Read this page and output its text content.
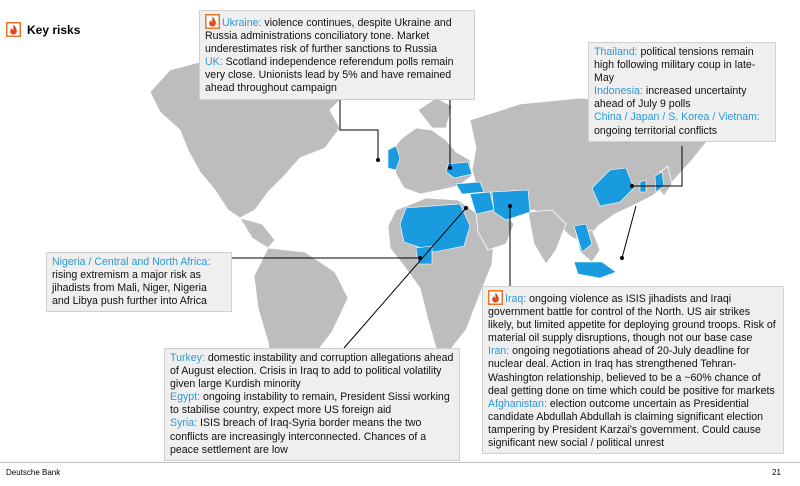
Key risks	Ukraine: violence continues, despite Ukraine and Russia administrations conciliatory tone. Market underestimates risk of further sanctions to Russia
UK: Scotland independence referendum polls remain very close. Unionists lead by 5% and have remained ahead throughout campaign
Thailand: political tensions remain high following military coup in late-May
Indonesia: increased uncertainty ahead of July 9 polls
China / Japan / S. Korea / Vietnam:
ongoing territorial conflicts
Nigeria / Central and North Africa:
rising extremism a major risk as jihadists from Mali, Niger, Nigeria and Libya push further into Africa	Iraq: ongoing violence as ISIS jihadists and Iraqi government battle for control of the North. US air strikes likely, but limited appetite for deploying ground troops. Risk of material oil supply disruptions, though not our base case
Iran: ongoing negotiations ahead of 20-July deadline for nuclear deal. Action in Iraq has strengthened Tehran-Washington relationship, believed to be a ~60% chance of deal getting done on time which could be positive for markets
Afghanistan: election outcome uncertain as Presidential candidate Abdullah Abdullah is claiming significant election tampering by President Karzai's government. Could cause significant new social / political unrest
Turkey: domestic instability and corruption allegations ahead of August election. Crisis in Iraq to add to political volatility given large Kurdish minority
Egypt: ongoing instability to remain, President Sissi working to stabilise country, expect more US foreign aid
Syria: ISIS breach of Iraq-Syria border means the two conflicts are increasingly interconnected. Chances of a peace settlement are low
Deutsche Bank	21
